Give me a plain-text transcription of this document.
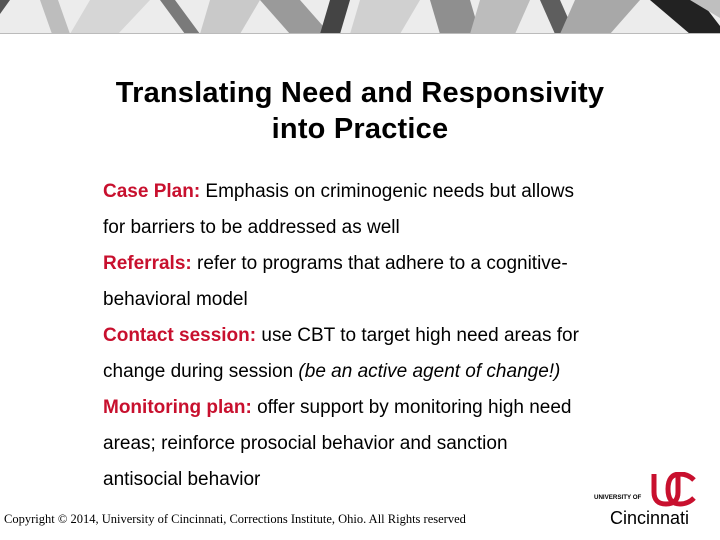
Translating Need and Responsivity
into Practice

Case Plan: Emphasis on criminogenic needs but allows
for barriers to be addressed as well

Referrals: refer to programs that adhere to a cognitive-
behavioral model

Contact session: use CBT to target high need areas for
change during session (be an active agent of change!)

Monitoring plan: offer support by monitoring high need
areas; reinforce prosocial behavior and sanction
antisocial behavior

Copyright © 2014, University of Cincinnati, Corrections Institute, Ohio. All Rights reserved
UNIVERSITY OF
Cincinnati
